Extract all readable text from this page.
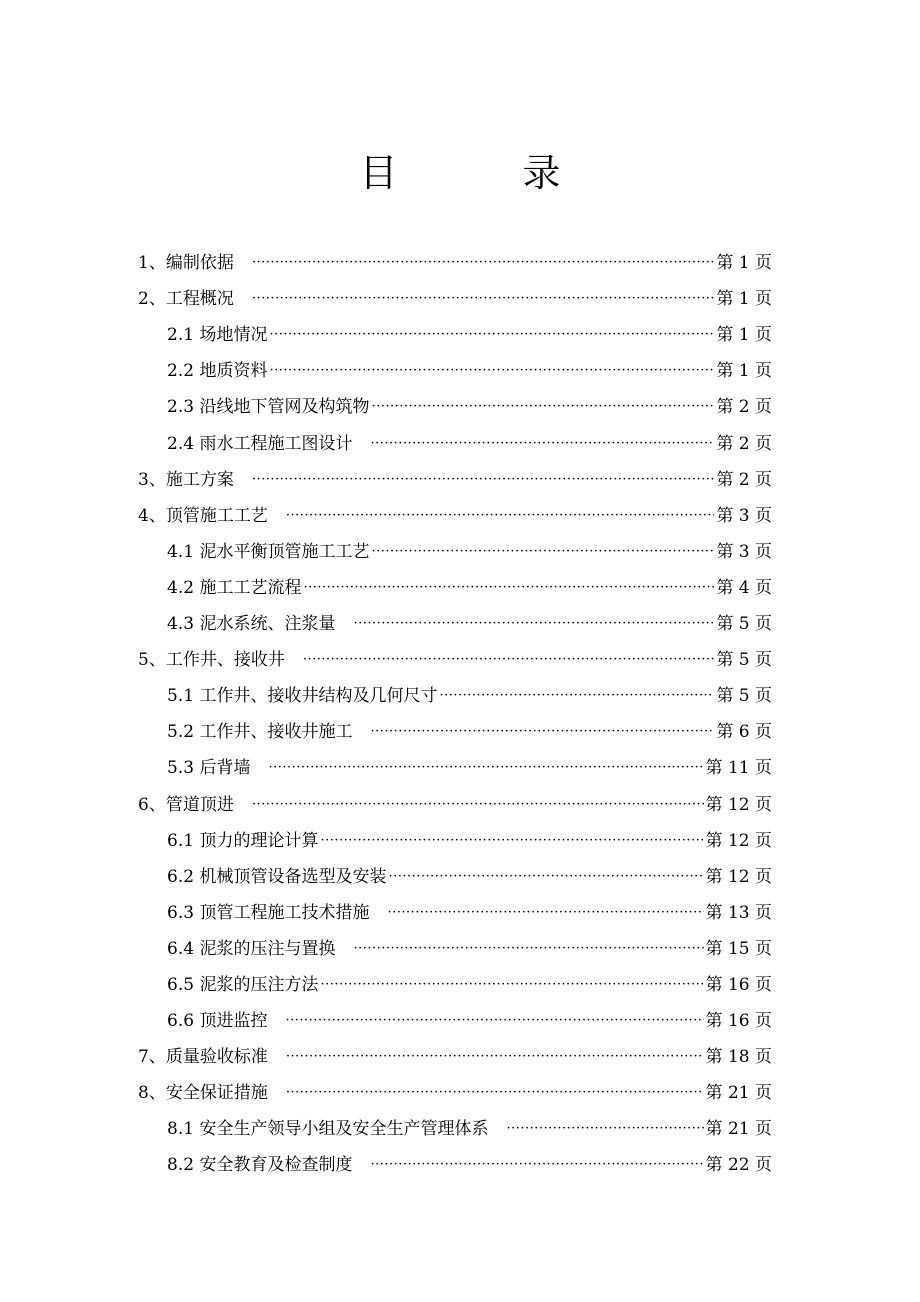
目	录
1、编制依据 ·····	第 1 页
2、工程概况 ·····	第 1 页
2.1 场地情况 ·····	第 1 页
2.2 地质资料 ·····	第 1 页
2.3 沿线地下管网及构筑物 ·····	第 2 页
2.4 雨水工程施工图设计 ·····	第 2 页
3、施工方案 ·····	第 2 页
4、顶管施工工艺 ·····	第 3 页
4.1 泥水平衡顶管施工工艺 ·····	第 3 页
4.2 施工工艺流程 ·····	第 4 页
4.3 泥水系统、注浆量 ·····	第 5 页
5、工作井、接收井 ·····	第 5 页
5.1 工作井、接收井结构及几何尺寸 ·····	第 5 页
5.2 工作井、接收井施工 ·····	第 6 页
5.3 后背墙 ·····	第 11 页
6、管道顶进 ·····	第 12 页
6.1 顶力的理论计算 ·····	第 12 页
6.2 机械顶管设备选型及安装 ·····	第 12 页
6.3 顶管工程施工技术措施 ·····	第 13 页
6.4 泥浆的压注与置换 ·····	第 15 页
6.5 泥浆的压注方法 ·····	第 16 页
6.6 顶进监控 ·····	第 16 页
7、质量验收标准 ·····	第 18 页
8、安全保证措施 ·····	第 21 页
8.1 安全生产领导小组及安全生产管理体系 ·····	第 21 页
8.2 安全教育及检查制度 ·····	第 22 页
